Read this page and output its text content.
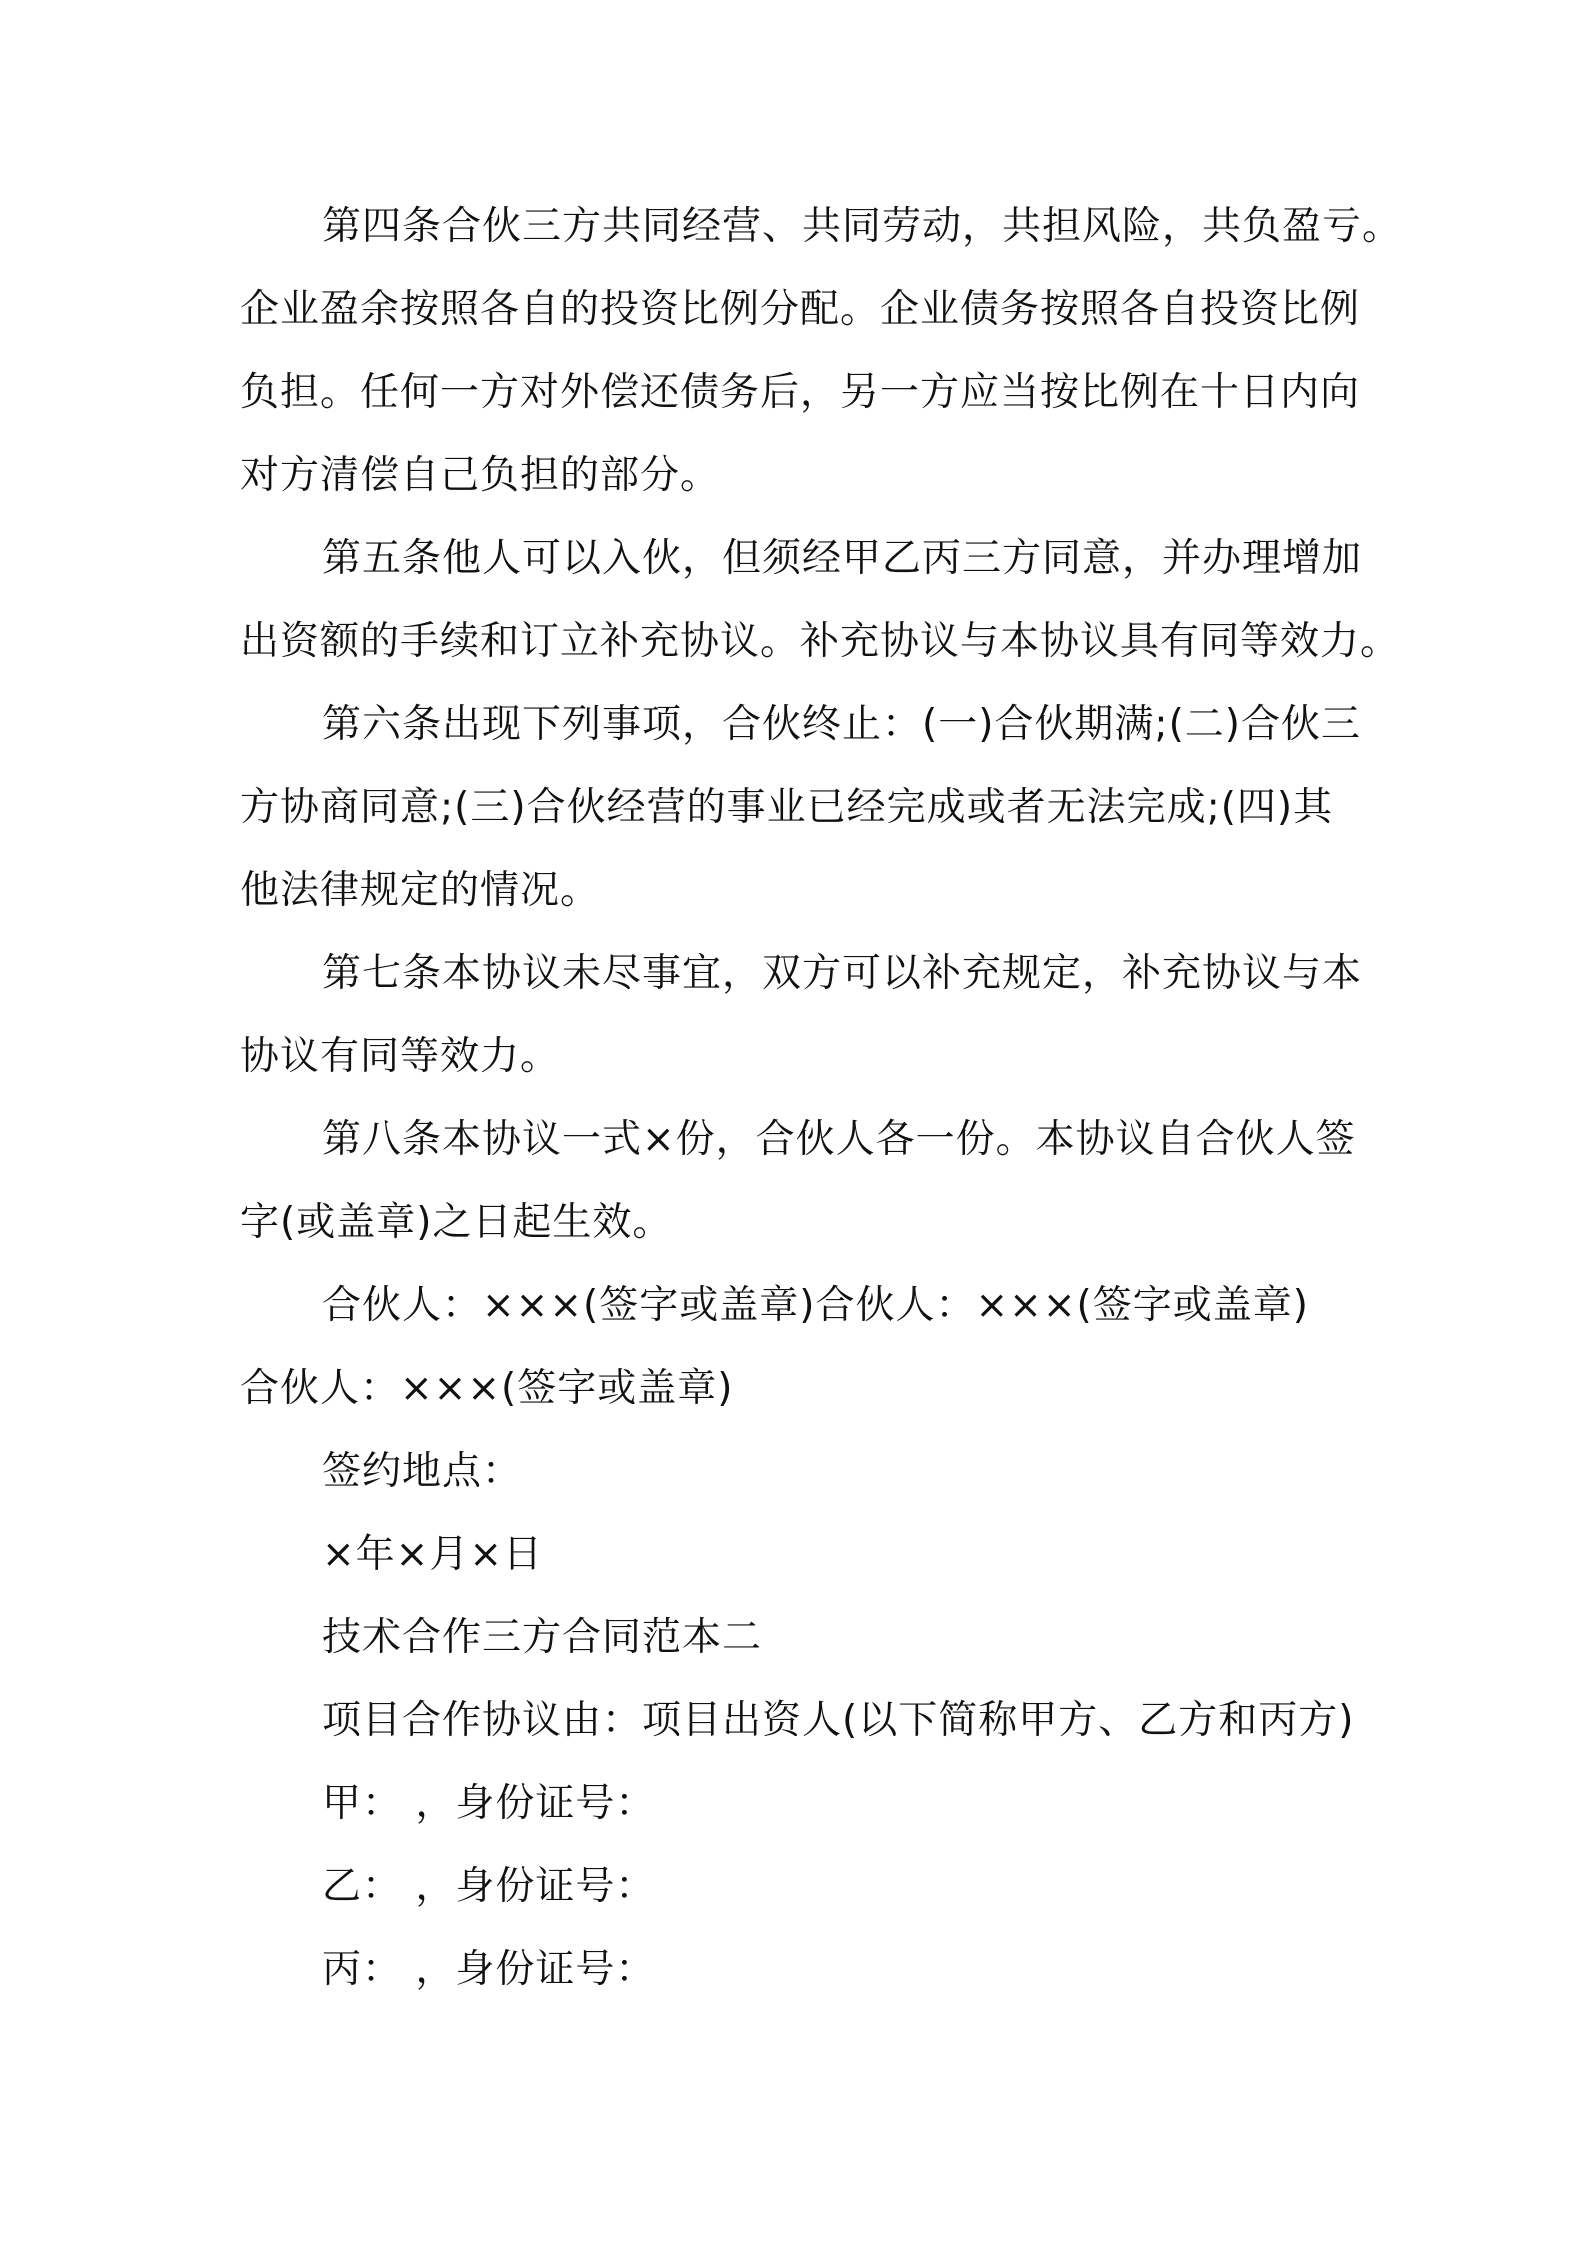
第四条合伙三方共同经营、共同劳动，共担风险，共负盈亏。
企业盈余按照各自的投资比例分配。企业债务按照各自投资比例
负担。任何一方对外偿还债务后，另一方应当按比例在十日内向
对方清偿自己负担的部分。
第五条他人可以入伙，但须经甲乙丙三方同意，并办理增加
出资额的手续和订立补充协议。补充协议与本协议具有同等效力。
第六条出现下列事项，合伙终止：(一)合伙期满;(二)合伙三
方协商同意;(三)合伙经营的事业已经完成或者无法完成;(四)其
他法律规定的情况。
第七条本协议未尽事宜，双方可以补充规定，补充协议与本
协议有同等效力。
第八条本协议一式×份，合伙人各一份。本协议自合伙人签
字(或盖章)之日起生效。
合伙人：×××(签字或盖章)合伙人：×××(签字或盖章)
合伙人：×××(签字或盖章)
签约地点：
×年×月×日
技术合作三方合同范本二
项目合作协议由：项目出资人(以下简称甲方、乙方和丙方)
甲： ，身份证号：
乙： ，身份证号：
丙： ，身份证号：
